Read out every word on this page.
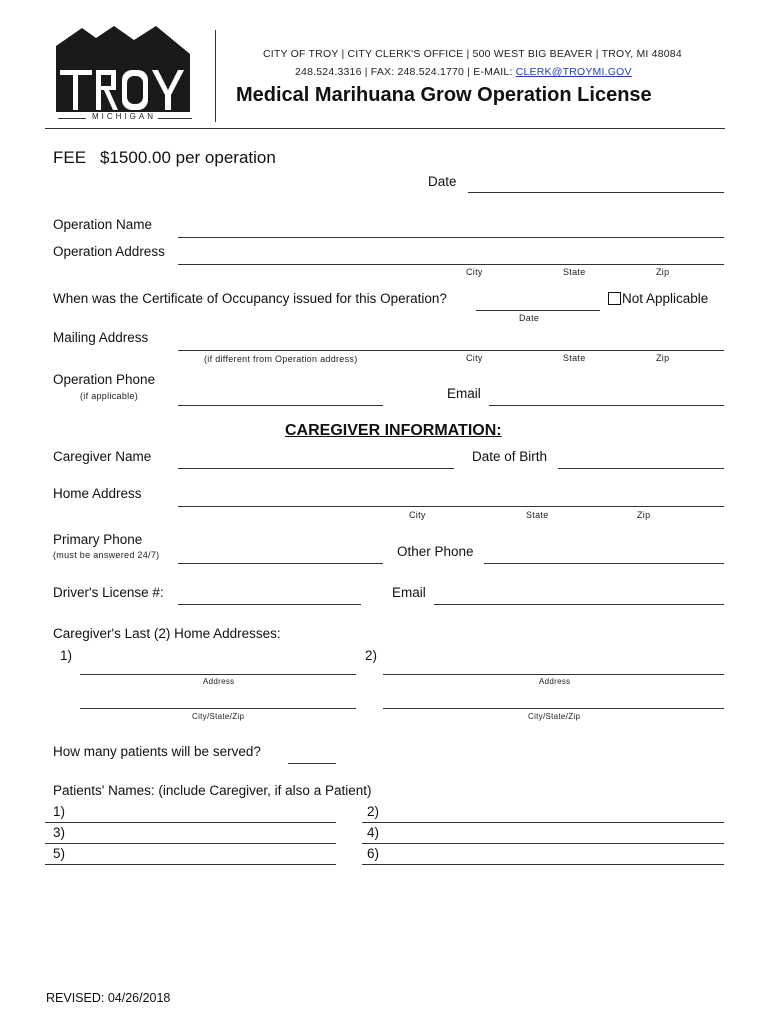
MICHIGAN
CITY OF TROY | CITY CLERK'S OFFICE | 500 WEST BIG BEAVER | TROY, MI 48084
248.524.3316 | FAX: 248.524.1770 | E-MAIL: CLERK@TROYMI.GOV
Medical Marihuana Grow Operation License
FEE $1500.00 per operation
Date
Operation Name
Operation Address
City	State	Zip
When was the Certificate of Occupancy issued for this Operation?
Date
Not Applicable
Mailing Address
(if different from Operation address)	City	State	Zip
Operation Phone
(if applicable)	Email
CAREGIVER INFORMATION:
Caregiver Name	Date of Birth
Home Address
City	State	Zip
Primary Phone
(must be answered 24/7)	Other Phone
Driver's License #:	Email
Caregiver's Last (2) Home Addresses:
1)	2)
Address	Address
City/State/Zip	City/State/Zip
How many patients will be served?
Patients' Names: (include Caregiver, if also a Patient)
1)	2)
3)	4)
5)	6)
REVISED: 04/26/2018
